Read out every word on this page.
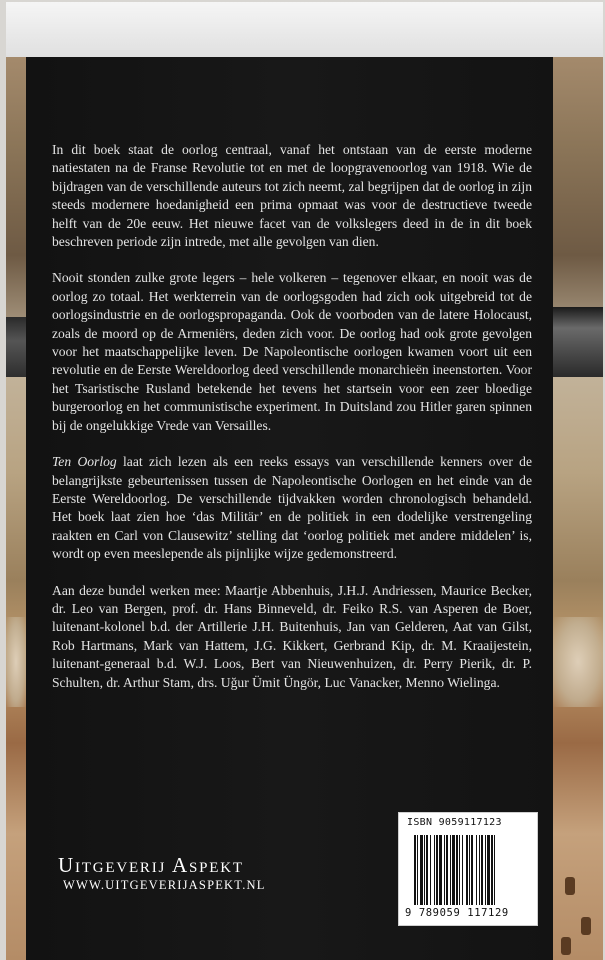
In dit boek staat de oorlog centraal, vanaf het ontstaan van de eerste moderne natiestaten na de Franse Revolutie tot en met de loopgravenoorlog van 1918. Wie de bijdragen van de verschillende auteurs tot zich neemt, zal begrijpen dat de oorlog in zijn steeds modernere hoedanigheid een prima opmaat was voor de destructieve tweede helft van de 20e eeuw. Het nieuwe facet van de volkslegers deed in de in dit boek beschreven periode zijn intrede, met alle gevolgen van dien.

Nooit stonden zulke grote legers – hele volkeren – tegenover elkaar, en nooit was de oorlog zo totaal. Het werkterrein van de oorlogsgoden had zich ook uitgebreid tot de oorlogsindustrie en de oorlogspropaganda. Ook de voorboden van de latere Holocaust, zoals de moord op de Armeniërs, deden zich voor. De oorlog had ook grote gevolgen voor het maatschappelijke leven. De Napoleontische oorlogen kwamen voort uit een revolutie en de Eerste Wereldoorlog deed verschillende monarchieën ineenstorten. Voor het Tsaristische Rusland betekende het tevens het startsein voor een zeer bloedige burgeroorlog en het communistische experiment. In Duitsland zou Hitler garen spinnen bij de ongelukkige Vrede van Versailles.

Ten Oorlog laat zich lezen als een reeks essays van verschillende kenners over de belangrijkste gebeurtenissen tussen de Napoleontische Oorlogen en het einde van de Eerste Wereldoorlog. De verschillende tijdvakken worden chronologisch behandeld. Het boek laat zien hoe ‘das Militär’ en de politiek in een dodelijke verstrengeling raakten en Carl von Clausewitz’ stelling dat ‘oorlog politiek met andere middelen’ is, wordt op even meeslepende als pijnlijke wijze gedemonstreerd.

Aan deze bundel werken mee: Maartje Abbenhuis, J.H.J. Andriessen, Maurice Becker, dr. Leo van Bergen, prof. dr. Hans Binneveld, dr. Feiko R.S. van Asperen de Boer, luitenant-kolonel b.d. der Artillerie J.H. Buitenhuis, Jan van Gelderen, Aat van Gilst, Rob Hartmans, Mark van Hattem, J.G. Kikkert, Gerbrand Kip, dr. M. Kraaijestein, luitenant-generaal b.d. W.J. Loos, Bert van Nieuwenhuizen, dr. Perry Pierik, dr. P. Schulten, dr. Arthur Stam, drs. Uğur Ümit Üngör, Luc Vanacker, Menno Wielinga.

Uitgeverij Aspekt
WWW.UITGEVERIJASPEKT.NL
ISBN 9059117123
9 789059 117129
